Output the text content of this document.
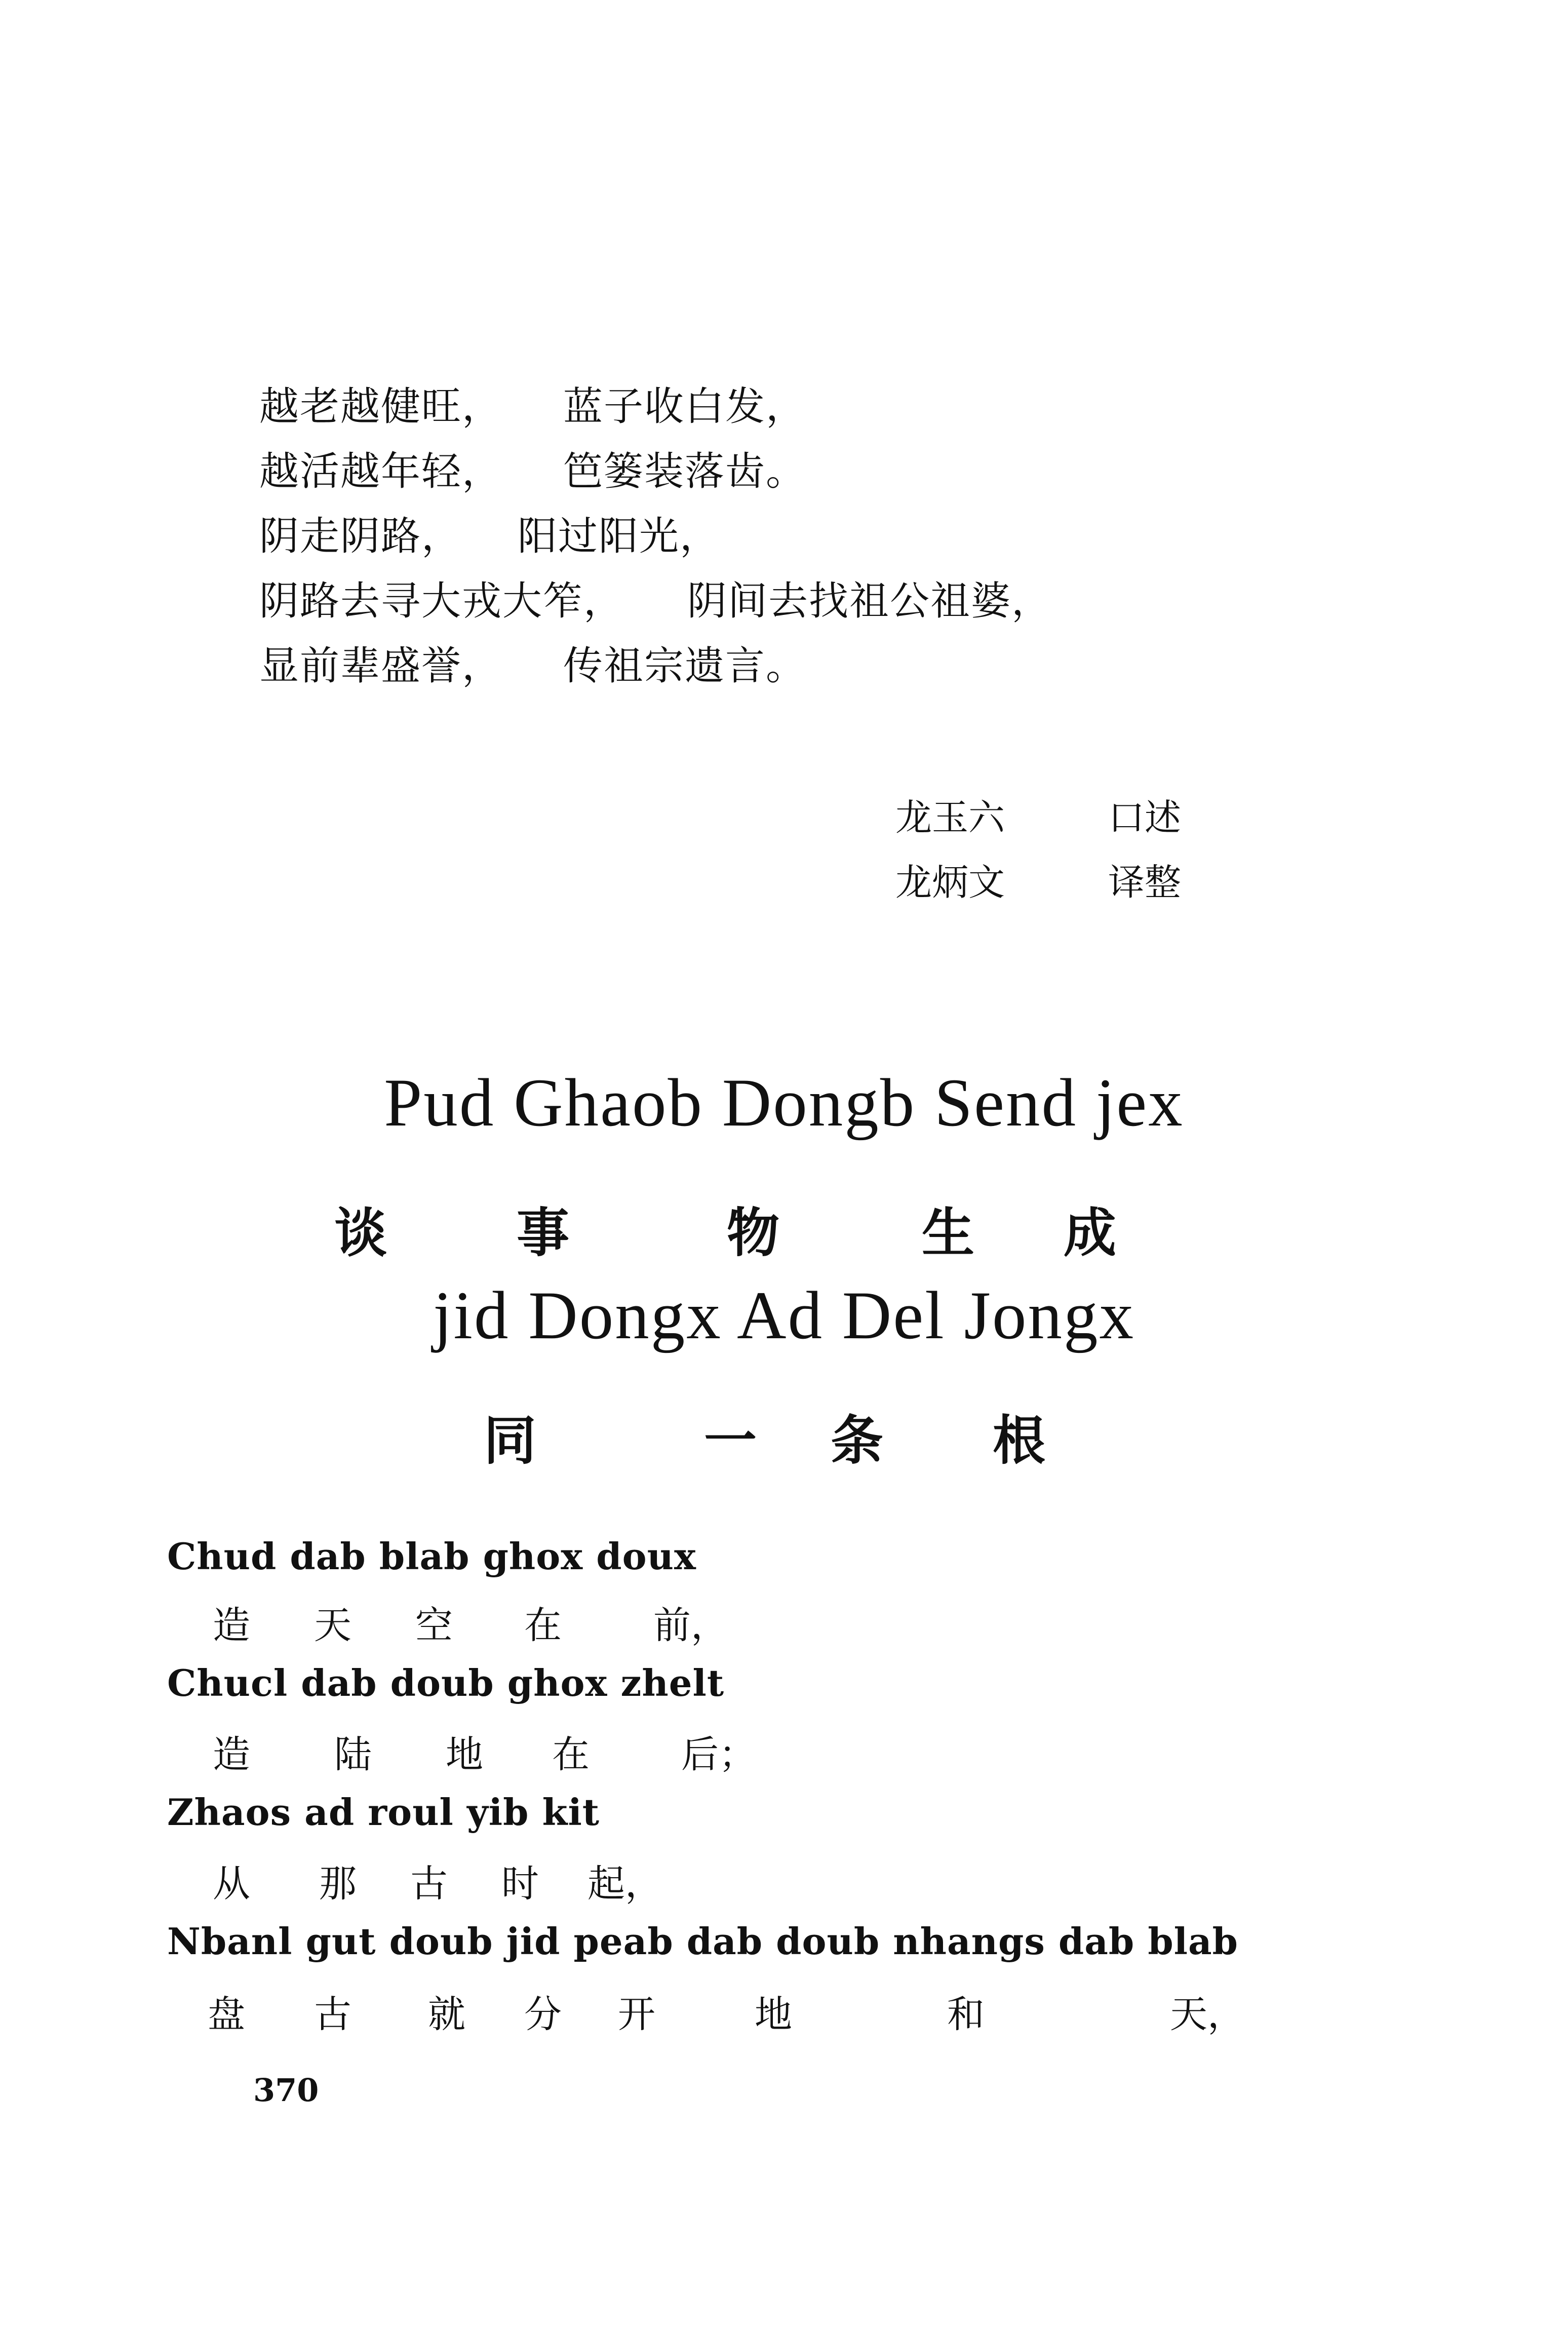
越老越健旺， 蓝子收白发，
越活越年轻， 笆篓装落齿。
阴走阴路， 阳过阳光，
阴路去寻大戎大笮， 阴间去找祖公祖婆，
显前辈盛誉， 传祖宗遗言。
龙玉六	口述
龙炳文	译整
Pud Ghaob Dongb Send jex
谈 事	物	生 成
jid Dongx Ad Del Jongx
同	一 条 根
Chud dab blab ghox doux
造 天 空 在 前，
Chucl dab doub ghox zhelt
造 陆 地 在 后；
Zhaos ad roul yib kit
从 那 古 时 起，
Nbanl gut doub jid peab dab doub nhangs dab blab
盘 古 就 分 开	地	和	天，
370
